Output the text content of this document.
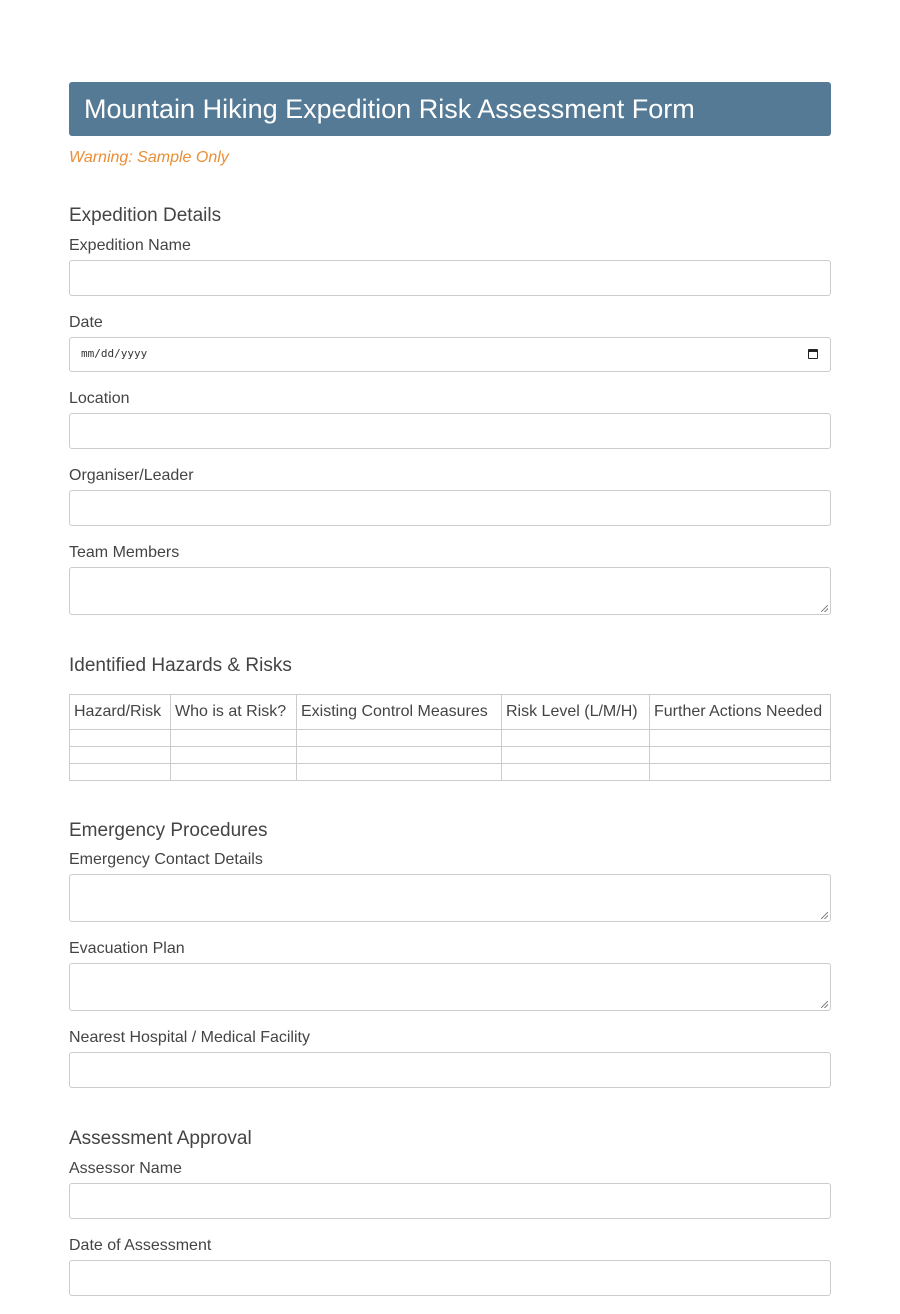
Mountain Hiking Expedition Risk Assessment Form
Warning: Sample Only
Expedition Details
Expedition Name
Date
mm/dd/yyyy
Location
Organiser/Leader
Team Members
Identified Hazards & Risks
Hazard/Risk	Who is at Risk?	Existing Control Measures	Risk Level (L/M/H)	Further Actions Needed

Emergency Procedures
Emergency Contact Details
Evacuation Plan
Nearest Hospital / Medical Facility
Assessment Approval
Assessor Name
Date of Assessment
